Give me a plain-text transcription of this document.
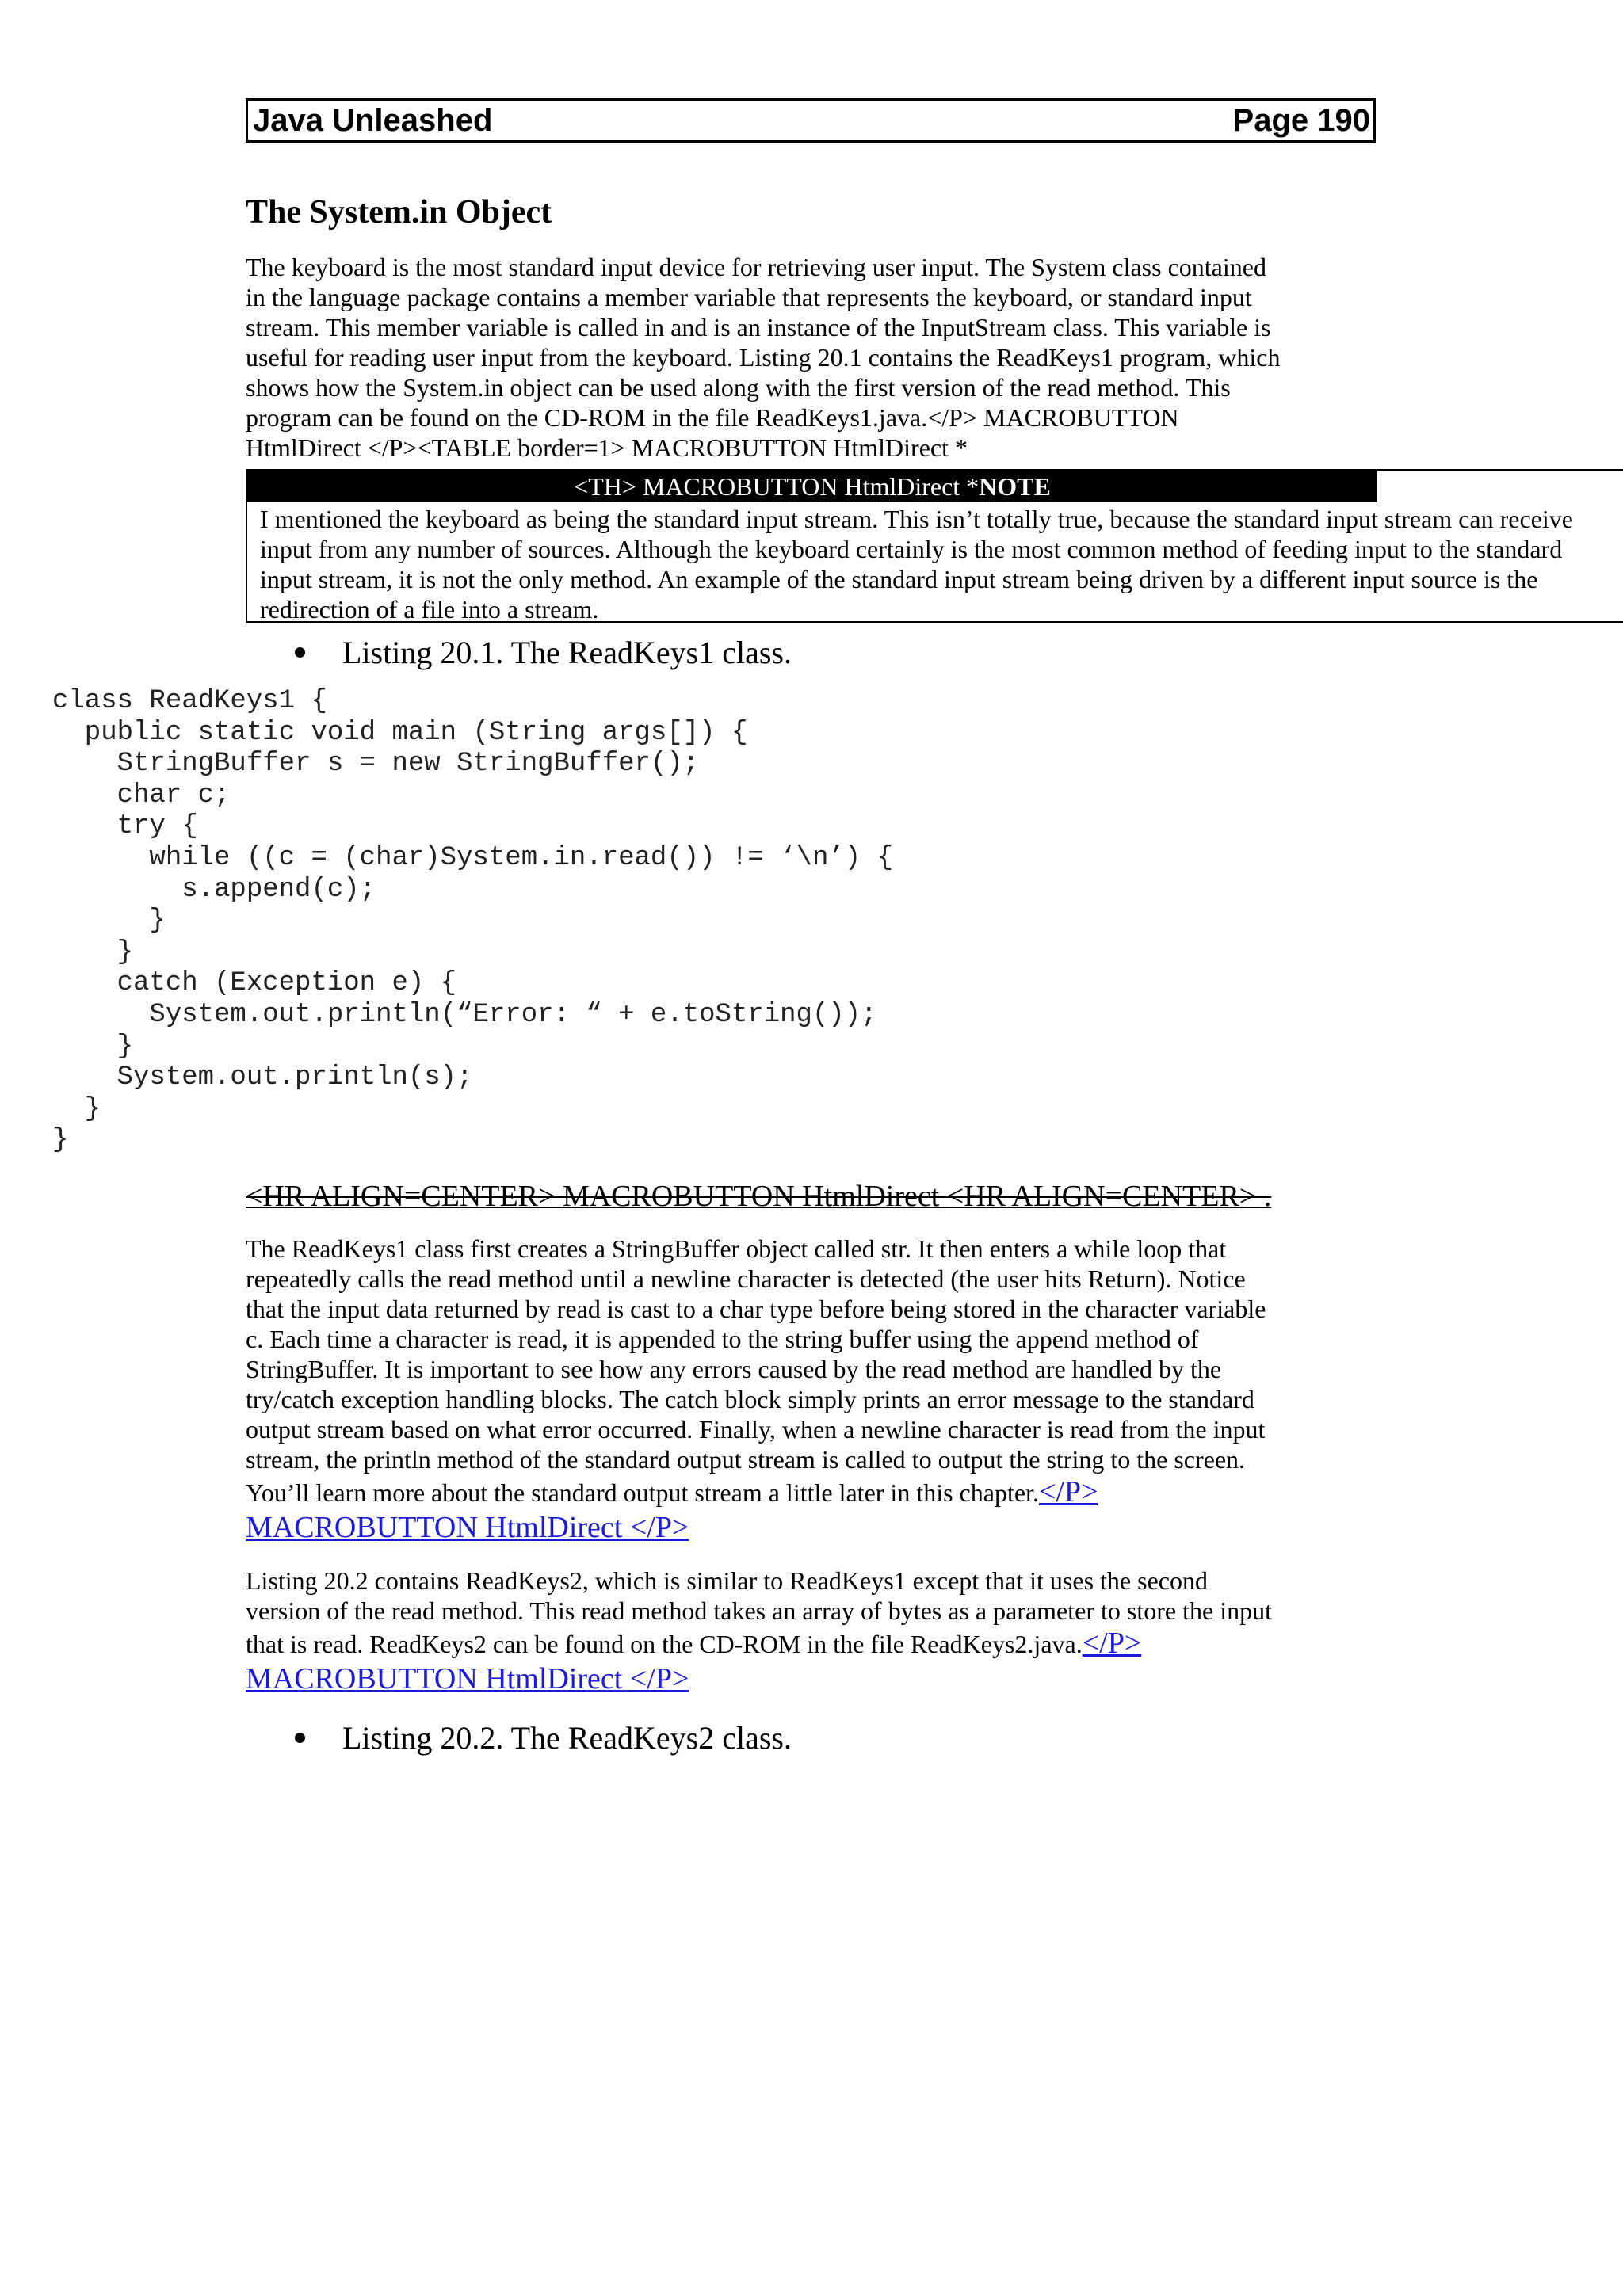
Java Unleashed	Page 190
The System.in Object
The keyboard is the most standard input device for retrieving user input. The System class contained
in the language package contains a member variable that represents the keyboard, or standard input
stream. This member variable is called in and is an instance of the InputStream class. This variable is
useful for reading user input from the keyboard. Listing 20.1 contains the ReadKeys1 program, which
shows how the System.in object can be used along with the first version of the read method. This
program can be found on the CD-ROM in the file ReadKeys1.java.</P> MACROBUTTON
HtmlDirect </P><TABLE border=1> MACROBUTTON HtmlDirect *
<TH> MACROBUTTON HtmlDirect *NOTE
I mentioned the keyboard as being the standard input stream. This isn’t totally true, because the standard input stream can receive
input from any number of sources. Although the keyboard certainly is the most common method of feeding input to the standard
input stream, it is not the only method. An example of the standard input stream being driven by a different input source is the
redirection of a file into a stream.
Listing 20.1. The ReadKeys1 class.
class ReadKeys1 {
public static void main (String args[]) {
StringBuffer s = new StringBuffer();
char c;
try {
while ((c = (char)System.in.read()) != ‘\n’) {
s.append(c);
}
}
catch (Exception e) {
System.out.println(“Error: “ + e.toString());
}
System.out.println(s);
}
}
<HR ALIGN=CENTER> MACROBUTTON HtmlDirect <HR ALIGN=CENTER> .
The ReadKeys1 class first creates a StringBuffer object called str. It then enters a while loop that
repeatedly calls the read method until a newline character is detected (the user hits Return). Notice
that the input data returned by read is cast to a char type before being stored in the character variable
c. Each time a character is read, it is appended to the string buffer using the append method of
StringBuffer. It is important to see how any errors caused by the read method are handled by the
try/catch exception handling blocks. The catch block simply prints an error message to the standard
output stream based on what error occurred. Finally, when a newline character is read from the input
stream, the println method of the standard output stream is called to output the string to the screen.
You’ll learn more about the standard output stream a little later in this chapter.</P>
MACROBUTTON HtmlDirect </P>
Listing 20.2 contains ReadKeys2, which is similar to ReadKeys1 except that it uses the second
version of the read method. This read method takes an array of bytes as a parameter to store the input
that is read. ReadKeys2 can be found on the CD-ROM in the file ReadKeys2.java.</P>
MACROBUTTON HtmlDirect </P>
Listing 20.2. The ReadKeys2 class.
